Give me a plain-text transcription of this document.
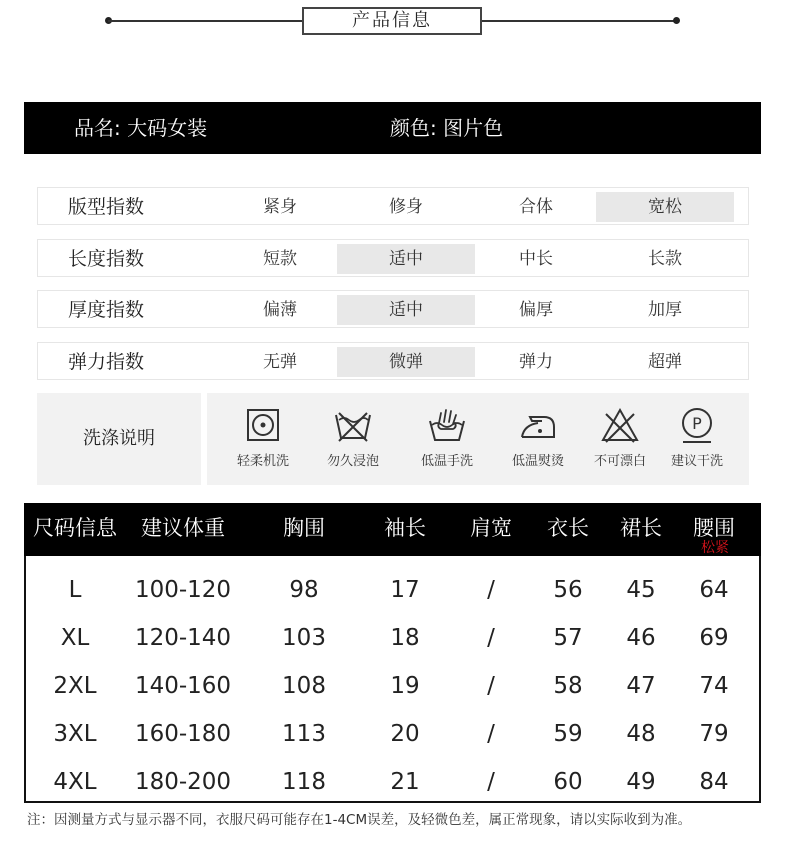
产品信息
品名: 大码女装	颜色: 图片色
版型指数	紧身	修身	合体	宽松
长度指数	短款	适中	中长	长款
厚度指数	偏薄	适中	偏厚	加厚
弹力指数	无弹	微弹	弹力	超弹
洗涤说明
轻柔机洗	勿久浸泡	低温手洗	低温熨烫	不可漂白
P
建议干洗
松紧
尺码信息	建议体重	胸围	袖长	肩宽	衣长	裙长	腰围
L	100-120	98	17	/	56	45	64
XL	120-140	103	18	/	57	46	69
2XL	140-160	108	19	/	58	47	74
3XL	160-180	113	20	/	59	48	79
4XL	180-200	118	21	/	60	49	84
注：因测量方式与显示器不同，衣服尺码可能存在1-4CM误差，及轻微色差，属正常现象，请以实际收到为准。
